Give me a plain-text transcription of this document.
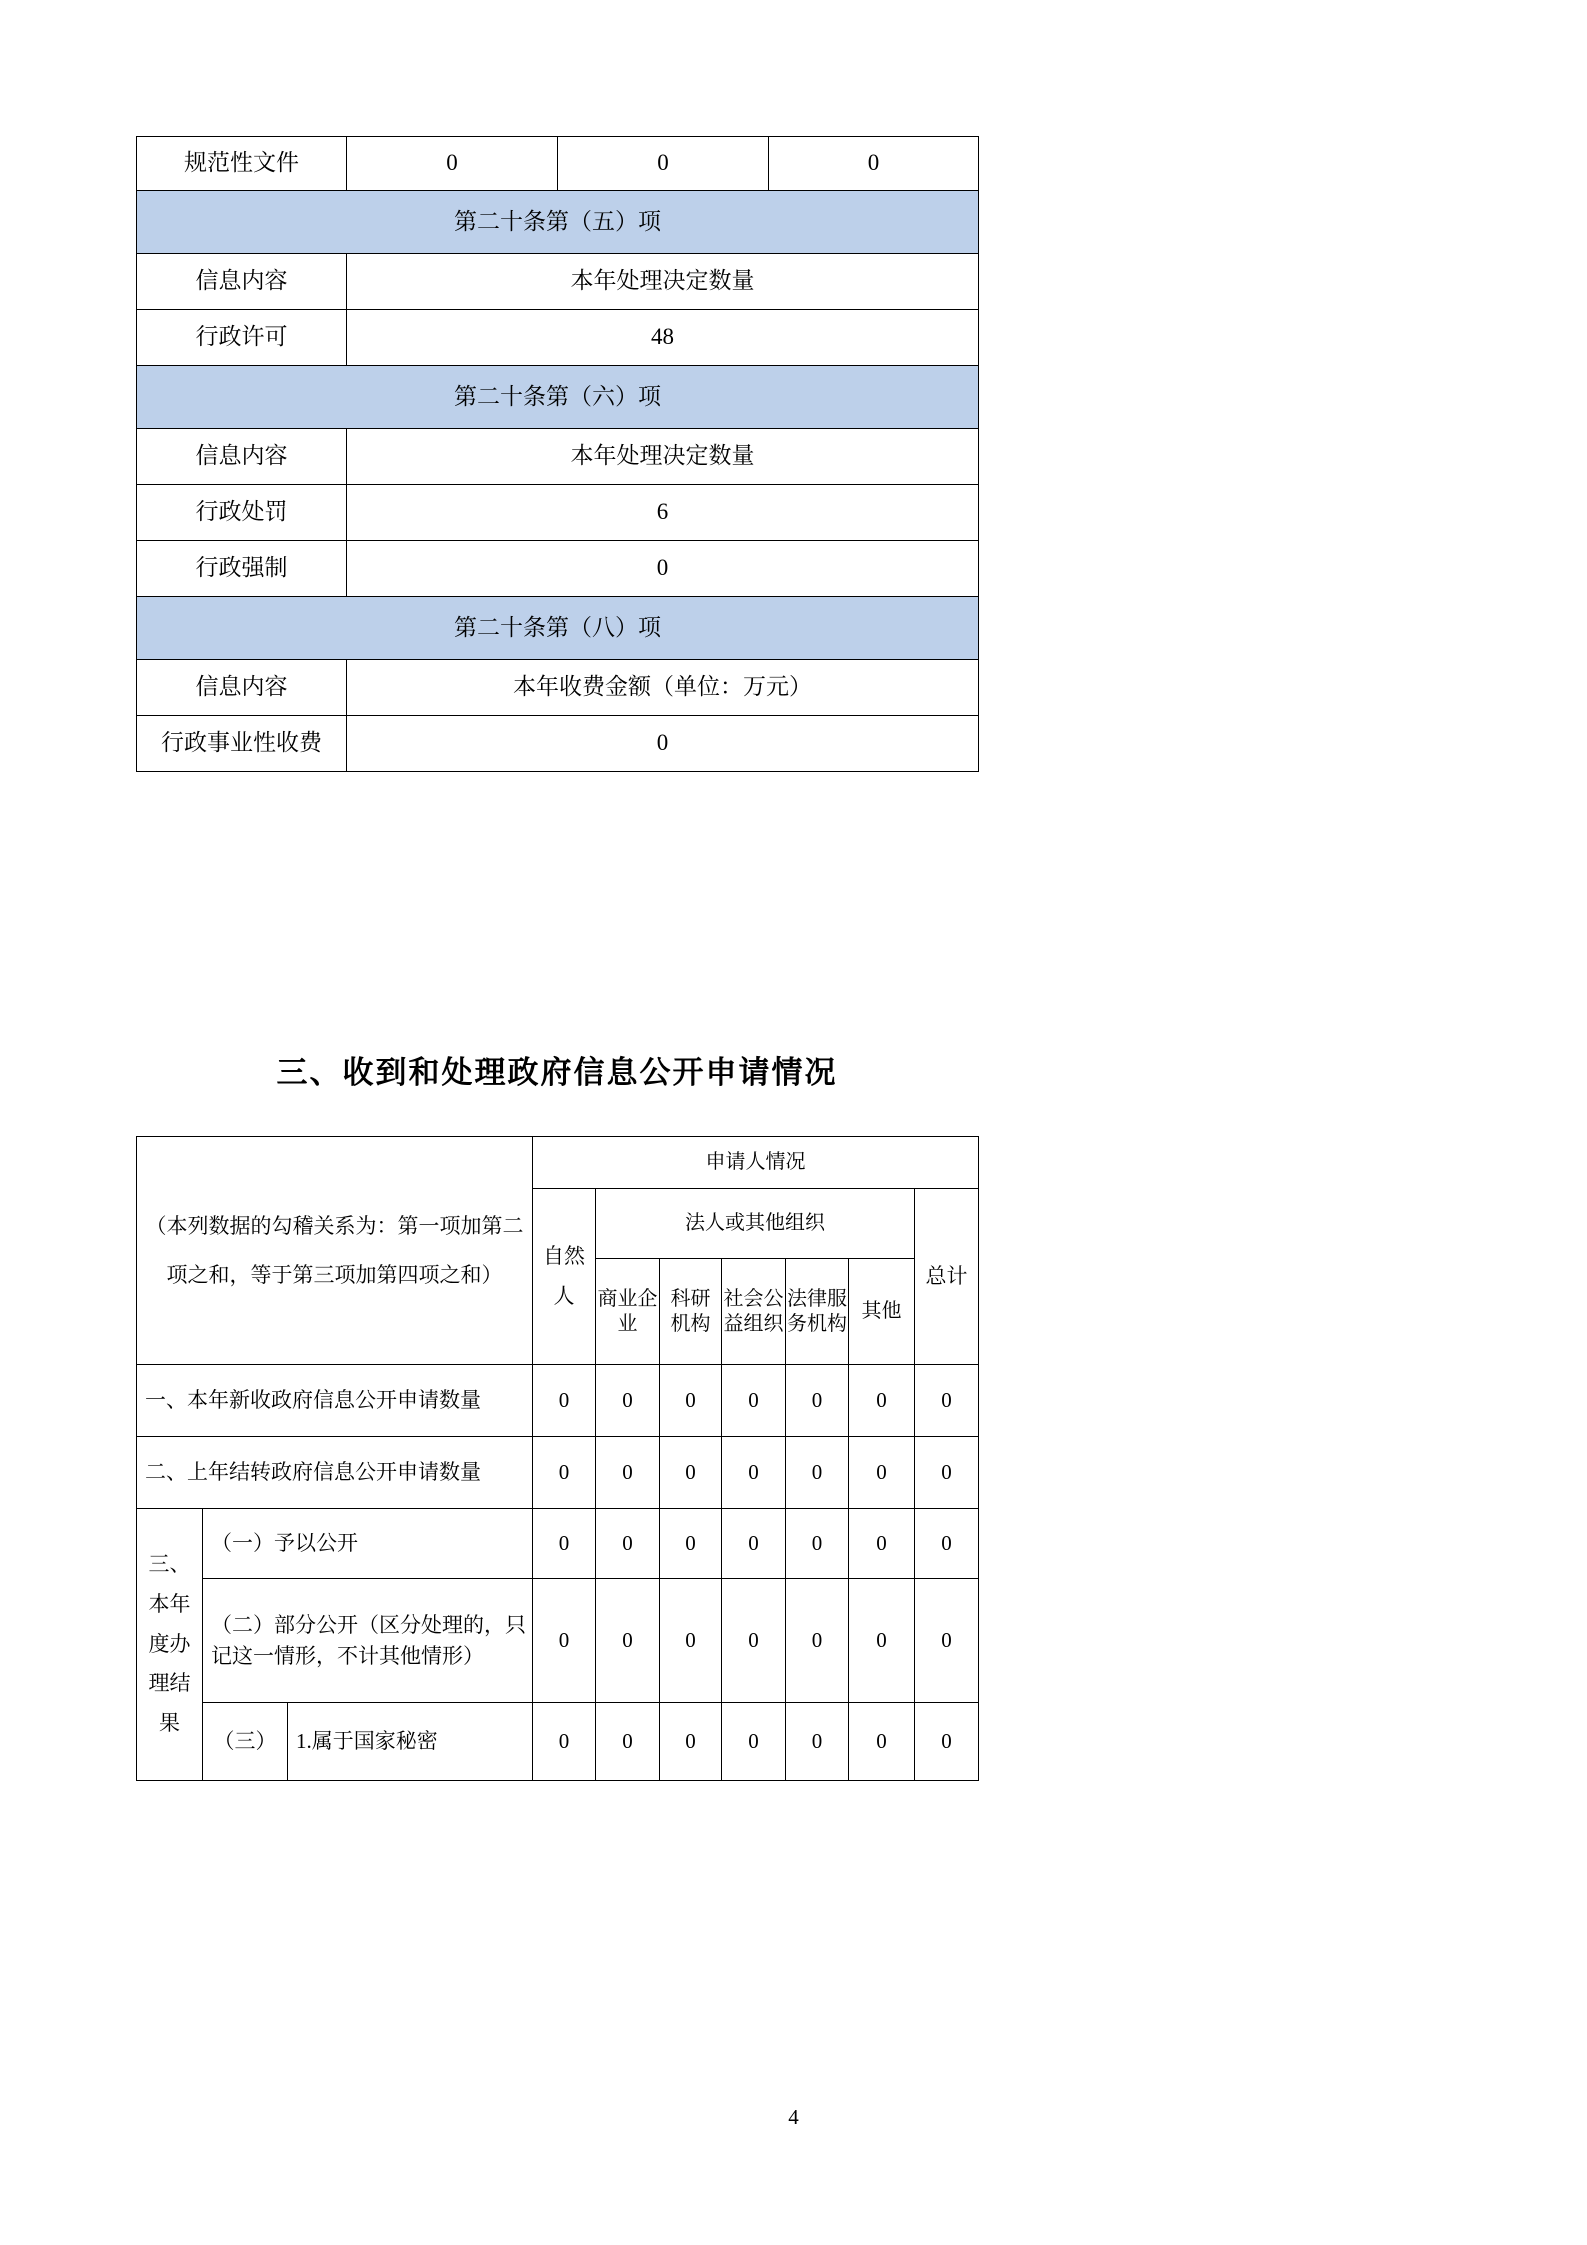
规范性文件	0	0	0
第二十条第（五）项			
信息内容	本年处理决定数量		
行政许可	48		
第二十条第（六）项			
信息内容	本年处理决定数量		
行政处罚	6		
行政强制	0		
第二十条第（八）项			
信息内容	本年收费金额（单位：万元）		
行政事业性收费	0		
三、收到和处理政府信息公开申请情况
（本列数据的勾稽关系为：第一项加第二项之和，等于第三项加第四项之和）			申请人情况						
			自然人	法人或其他组织					总计
				商业企业	科研机构	社会公益组织	法律服务机构	其他	
一、本年新收政府信息公开申请数量			0	0	0	0	0	0	0
二、上年结转政府信息公开申请数量			0	0	0	0	0	0	0
三、本年度办理结果	（一）予以公开		0	0	0	0	0	0	0
	（二）部分公开（区分处理的，只记这一情形，不计其他情形）		0	0	0	0	0	0	0
	（三）	1.属于国家秘密	0	0	0	0	0	0	0
4
